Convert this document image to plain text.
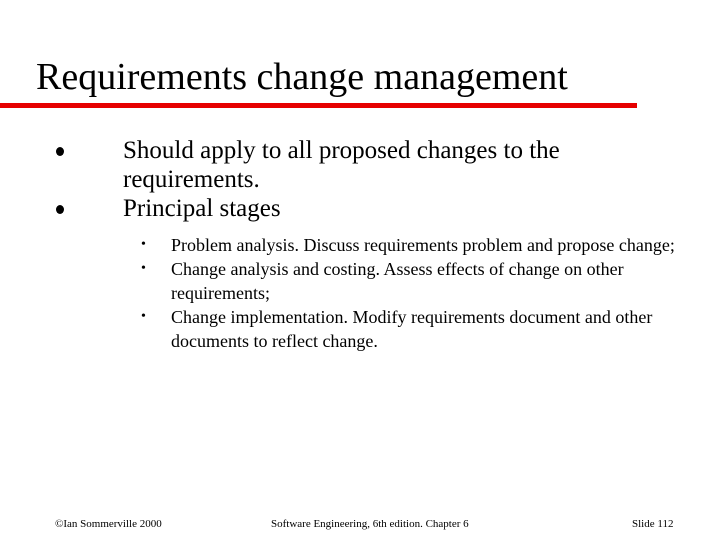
Requirements change management
Should apply to all proposed changes to the requirements.
Principal stages
• Problem analysis. Discuss requirements problem and propose change;
• Change analysis and costing. Assess effects of change on other requirements;
• Change implementation. Modify requirements document and other documents to reflect change.
©Ian Sommerville 2000	Software Engineering, 6th edition. Chapter 6	Slide 112
